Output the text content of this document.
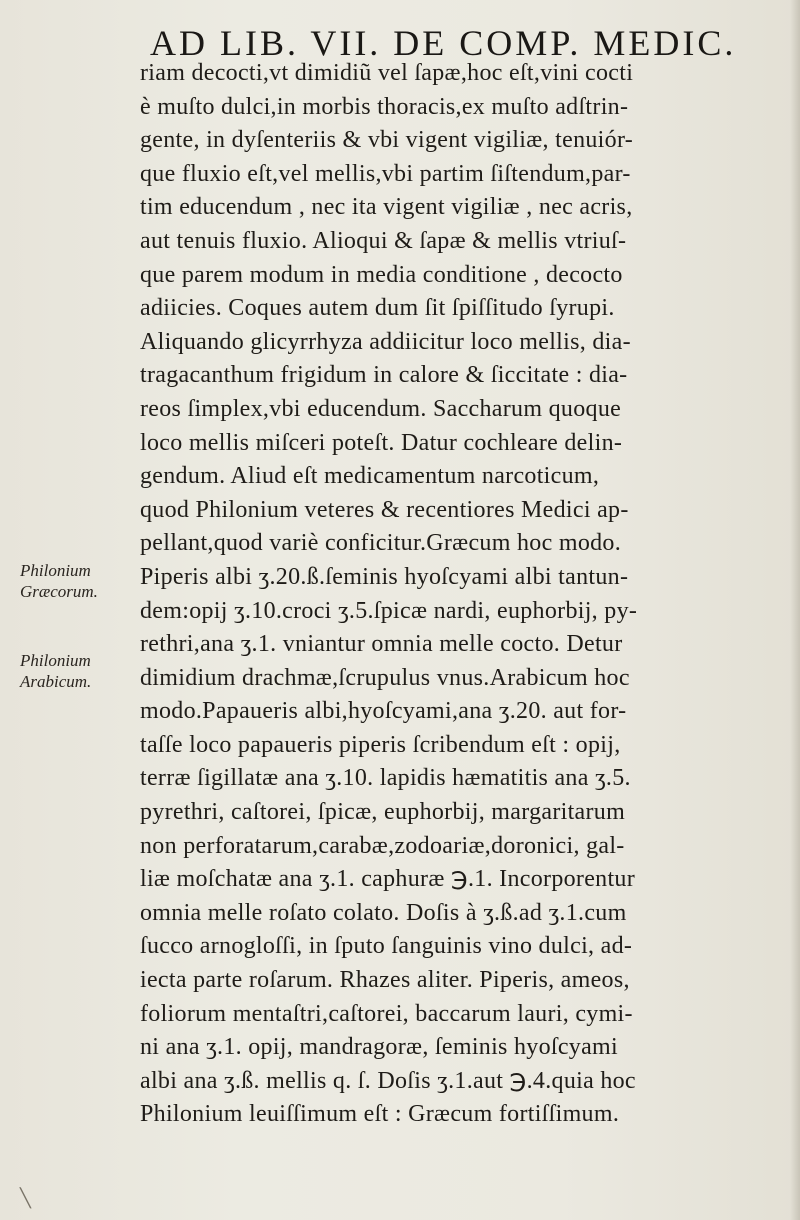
AD LIB. VII. DE COMP. MEDIC.
Philonium
Græcorum.
Philonium
Arabicum.
riam decocti,vt dimidiũ vel ſapæ,hoc eſt,vini cocti
è muſto dulci,in morbis thoracis,ex muſto adſtrin-
gente, in dyſenteriis & vbi vigent vigiliæ, tenuiór-
que fluxio eſt,vel mellis,vbi partim ſiſtendum,par-
tim educendum , nec ita vigent vigiliæ , nec acris,
aut tenuis fluxio. Alioqui & ſapæ & mellis vtriuſ-
que parem modum in media conditione , decocto
adiicies. Coques autem dum ſit ſpiſſitudo ſyrupi.
Aliquando glicyrrhyza addiicitur loco mellis, dia-
tragacanthum frigidum in calore & ſiccitate : dia-
reos ſimplex,vbi educendum. Saccharum quoque
loco mellis miſceri poteſt. Datur cochleare delin-
gendum. Aliud eſt medicamentum narcoticum,
quod Philonium veteres & recentiores Medici ap-
pellant,quod variè conficitur.Græcum hoc modo.
Piperis albi ʒ.20.ß.ſeminis hyoſcyami albi tantun-
dem:opij ʒ.10.croci ʒ.5.ſpicæ nardi, euphorbij, py-
rethri,ana ʒ.1. vniantur omnia melle cocto. Detur
dimidium drachmæ,ſcrupulus vnus.Arabicum hoc
modo.Papaueris albi,hyoſcyami,ana ʒ.20. aut for-
taſſe loco papaueris piperis ſcribendum eſt : opij,
terræ ſigillatæ ana ʒ.10. lapidis hæmatitis ana ʒ.5.
pyrethri, caſtorei, ſpicæ, euphorbij, margaritarum
non perforatarum,carabæ,zodoariæ,doronici, gal-
liæ moſchatæ ana ʒ.1. caphuræ ℈.1. Incorporentur
omnia melle roſato colato. Doſis à ʒ.ß.ad ʒ.1.cum
ſucco arnogloſſi, in ſputo ſanguinis vino dulci, ad-
iecta parte roſarum. Rhazes aliter. Piperis, ameos,
foliorum mentaſtri,caſtorei, baccarum lauri, cymi-
ni ana ʒ.1. opij, mandragoræ, ſeminis hyoſcyami
albi ana ʒ.ß. mellis q. ſ. Doſis ʒ.1.aut ℈.4.quia hoc
Philonium leuiſſimum eſt : Græcum fortiſſimum.
╲
